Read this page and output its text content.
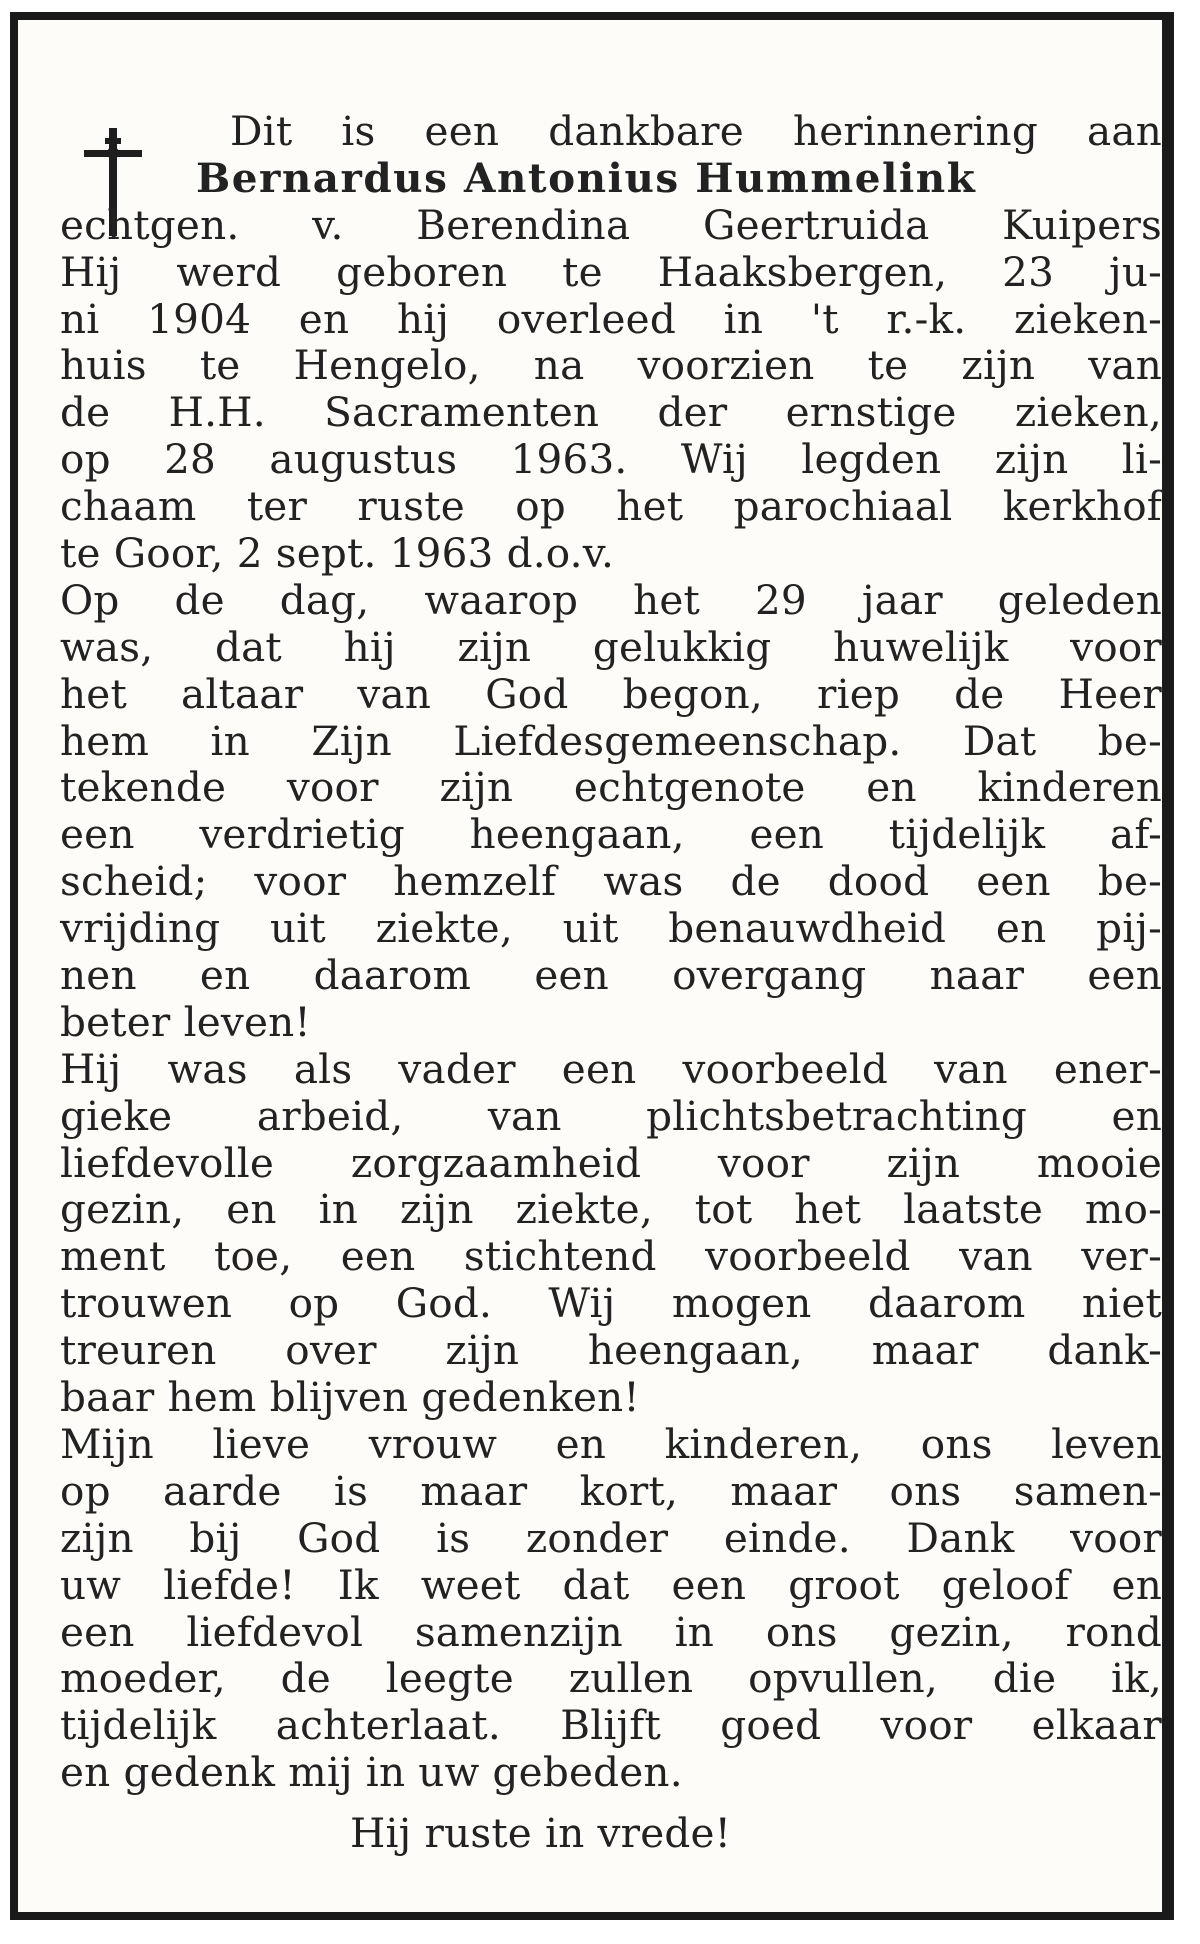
Dit is een dankbare herinnering aan
Bernardus Antonius Hummelink
echtgen. v. Berendina Geertruida Kuipers
Hij werd geboren te Haaksbergen, 23 ju-
ni 1904 en hij overleed in 't r.-k. zieken-
huis te Hengelo, na voorzien te zijn van
de H.H. Sacramenten der ernstige zieken,
op 28 augustus 1963. Wij legden zijn li-
chaam ter ruste op het parochiaal kerkhof
te Goor, 2 sept. 1963 d.o.v.
Op de dag, waarop het 29 jaar geleden
was, dat hij zijn gelukkig huwelijk voor
het altaar van God begon, riep de Heer
hem in Zijn Liefdesgemeenschap. Dat be-
tekende voor zijn echtgenote en kinderen
een verdrietig heengaan, een tijdelijk af-
scheid; voor hemzelf was de dood een be-
vrijding uit ziekte, uit benauwdheid en pij-
nen en daarom een overgang naar een
beter leven!
Hij was als vader een voorbeeld van ener-
gieke arbeid, van plichtsbetrachting en
liefdevolle zorgzaamheid voor zijn mooie
gezin, en in zijn ziekte, tot het laatste mo-
ment toe, een stichtend voorbeeld van ver-
trouwen op God. Wij mogen daarom niet
treuren over zijn heengaan, maar dank-
baar hem blijven gedenken!
Mijn lieve vrouw en kinderen, ons leven
op aarde is maar kort, maar ons samen-
zijn bij God is zonder einde. Dank voor
uw liefde! Ik weet dat een groot geloof en
een liefdevol samenzijn in ons gezin, rond
moeder, de leegte zullen opvullen, die ik,
tijdelijk achterlaat. Blijft goed voor elkaar
en gedenk mij in uw gebeden.
Hij ruste in vrede!
